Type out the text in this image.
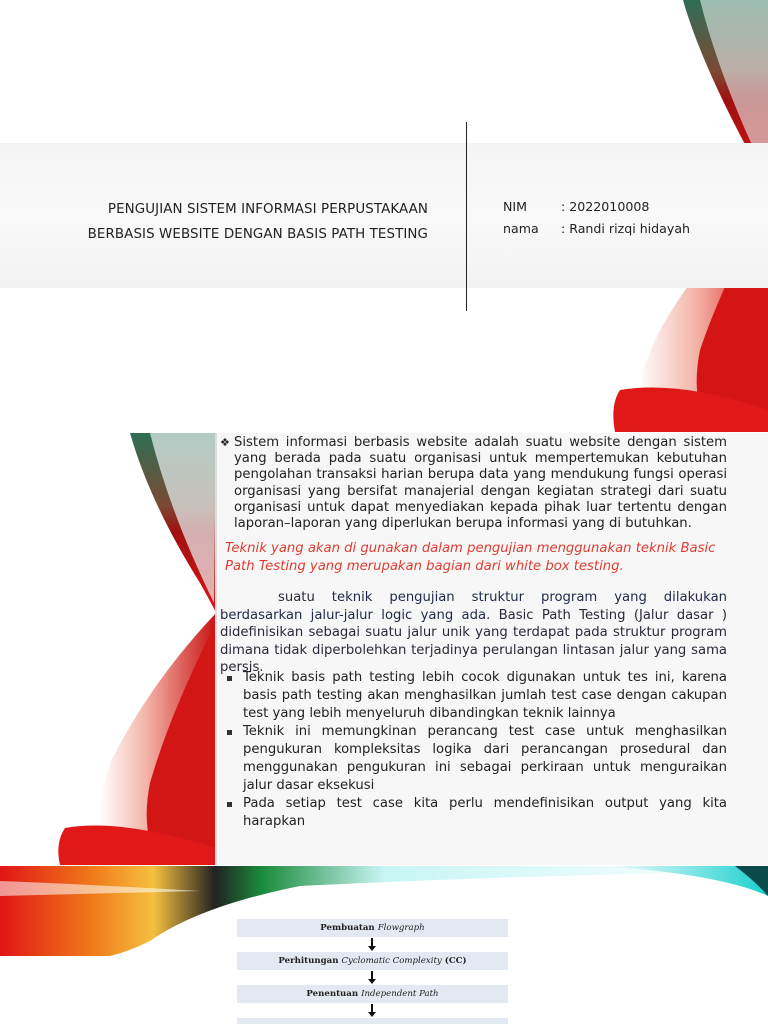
PENGUJIAN SISTEM INFORMASI PERPUSTAKAAN
BERBASIS WEBSITE DENGAN BASIS PATH TESTING
NIM	: 2022010008
nama	: Randi rizqi hidayah

❖ Sistem informasi berbasis website adalah suatu website dengan sistem yang berada pada suatu organisasi untuk mempertemukan kebutuhan pengolahan transaksi harian berupa data yang mendukung fungsi operasi organisasi yang bersifat manajerial dengan kegiatan strategi dari suatu organisasi untuk dapat menyediakan kepada pihak luar tertentu dengan laporan–laporan yang diperlukan berupa informasi yang di butuhkan.

Teknik yang akan di gunakan dalam pengujian menggunakan teknik Basic Path Testing yang merupakan bagian dari white box testing.

suatu teknik pengujian struktur program yang dilakukan berdasarkan jalur-jalur logic yang ada. Basic Path Testing (Jalur dasar ) didefinisikan sebagai suatu jalur unik yang terdapat pada struktur program dimana tidak diperbolehkan terjadinya perulangan lintasan jalur yang sama persis.

Teknik basis path testing lebih cocok digunakan untuk tes ini, karena basis path testing akan menghasilkan jumlah test case dengan cakupan test yang lebih menyeluruh dibandingkan teknik lainnya
Teknik ini memungkinan perancang test case untuk menghasilkan pengukuran kompleksitas logika dari perancangan prosedural dan menggunakan pengukuran ini sebagai perkiraan untuk menguraikan jalur dasar eksekusi
Pada setiap test case kita perlu mendefinisikan output yang kita harapkan
Pembuatan Flowgraph
Perhitungan Cyclomatic Complexity (CC)
Penentuan Independent Path
